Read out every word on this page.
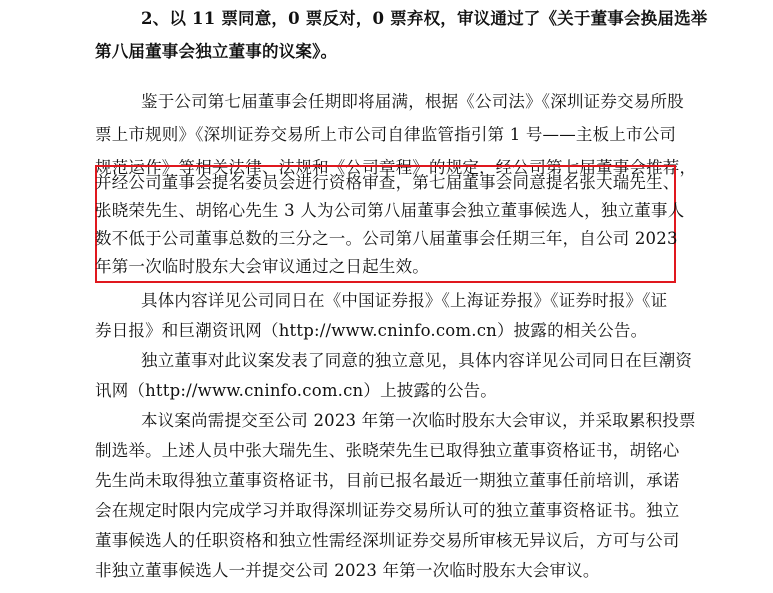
2、以 11 票同意，0 票反对，0 票弃权，审议通过了《关于董事会换届选举
第八届董事会独立董事的议案》。
鉴于公司第七届董事会任期即将届满，根据《公司法》《深圳证券交易所股
票上市规则》《深圳证券交易所上市公司自律监管指引第 1 号——主板上市公司
规范运作》等相关法律、法规和《公司章程》的规定，经公司第七届董事会推荐，
并经公司董事会提名委员会进行资格审查，第七届董事会同意提名张大瑞先生、
张晓荣先生、胡铭心先生 3 人为公司第八届董事会独立董事候选人，独立董事人
数不低于公司董事总数的三分之一。公司第八届董事会任期三年，自公司 2023
年第一次临时股东大会审议通过之日起生效。
具体内容详见公司同日在《中国证券报》《上海证券报》《证券时报》《证
券日报》和巨潮资讯网（http://www.cninfo.com.cn）披露的相关公告。
独立董事对此议案发表了同意的独立意见，具体内容详见公司同日在巨潮资
讯网（http://www.cninfo.com.cn）上披露的公告。
本议案尚需提交至公司 2023 年第一次临时股东大会审议，并采取累积投票
制选举。上述人员中张大瑞先生、张晓荣先生已取得独立董事资格证书，胡铭心
先生尚未取得独立董事资格证书，目前已报名最近一期独立董事任前培训，承诺
会在规定时限内完成学习并取得深圳证券交易所认可的独立董事资格证书。独立
董事候选人的任职资格和独立性需经深圳证券交易所审核无异议后，方可与公司
非独立董事候选人一并提交公司 2023 年第一次临时股东大会审议。
